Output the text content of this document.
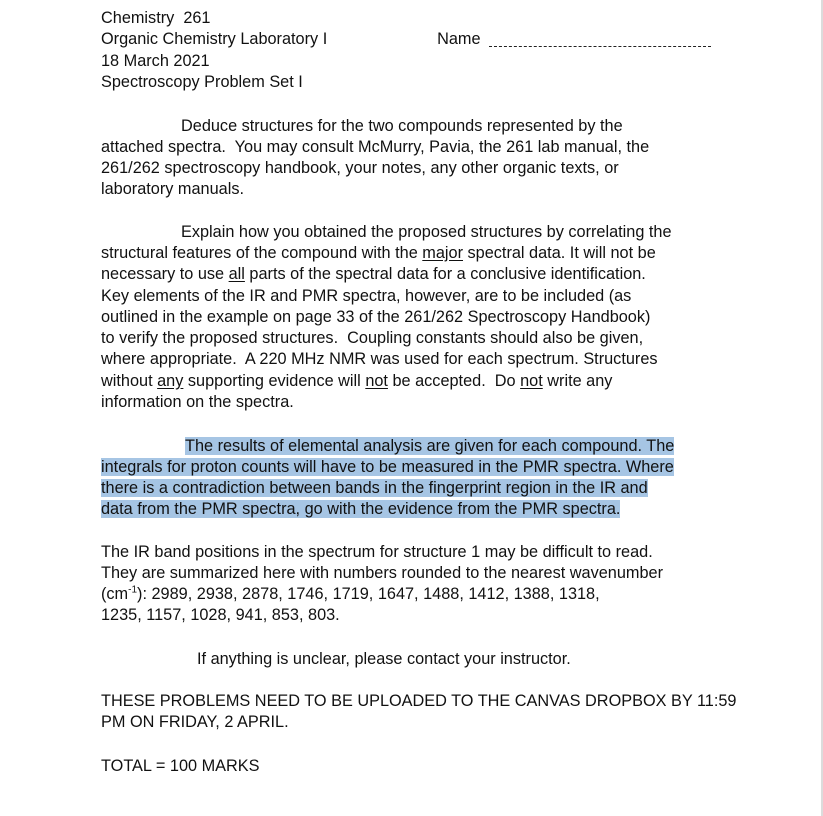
Chemistry  261

Name

Organic Chemistry Laboratory I
18 March 2021
Spectroscopy Problem Set I
Deduce structures for the two compounds represented by the
attached spectra.  You may consult McMurry, Pavia, the 261 lab manual, the
261/262 spectroscopy handbook, your notes, any other organic texts, or
laboratory manuals.
Explain how you obtained the proposed structures by correlating the
structural features of the compound with the major spectral data. It will not be
necessary to use all parts of the spectral data for a conclusive identification.
Key elements of the IR and PMR spectra, however, are to be included (as
outlined in the example on page 33 of the 261/262 Spectroscopy Handbook)
to verify the proposed structures.  Coupling constants should also be given,
where appropriate.  A 220 MHz NMR was used for each spectrum. Structures
without any supporting evidence will not be accepted.  Do not write any
information on the spectra.
The results of elemental analysis are given for each compound. The
integrals for proton counts will have to be measured in the PMR spectra. Where
there is a contradiction between bands in the fingerprint region in the IR and
data from the PMR spectra, go with the evidence from the PMR spectra.
The IR band positions in the spectrum for structure 1 may be difficult to read.
They are summarized here with numbers rounded to the nearest wavenumber
$(cm^{-1})$: 2989, 2938, 2878, 1746, 1719, 1647, 1488, 1412, 1388, 1318,
1235, 1157, 1028, 941, 853, 803.
If anything is unclear, please contact your instructor.
THESE PROBLEMS NEED TO BE UPLOADED TO THE CANVAS DROPBOX BY 11:59
PM ON FRIDAY, 2 APRIL.
TOTAL = 100 MARKS
